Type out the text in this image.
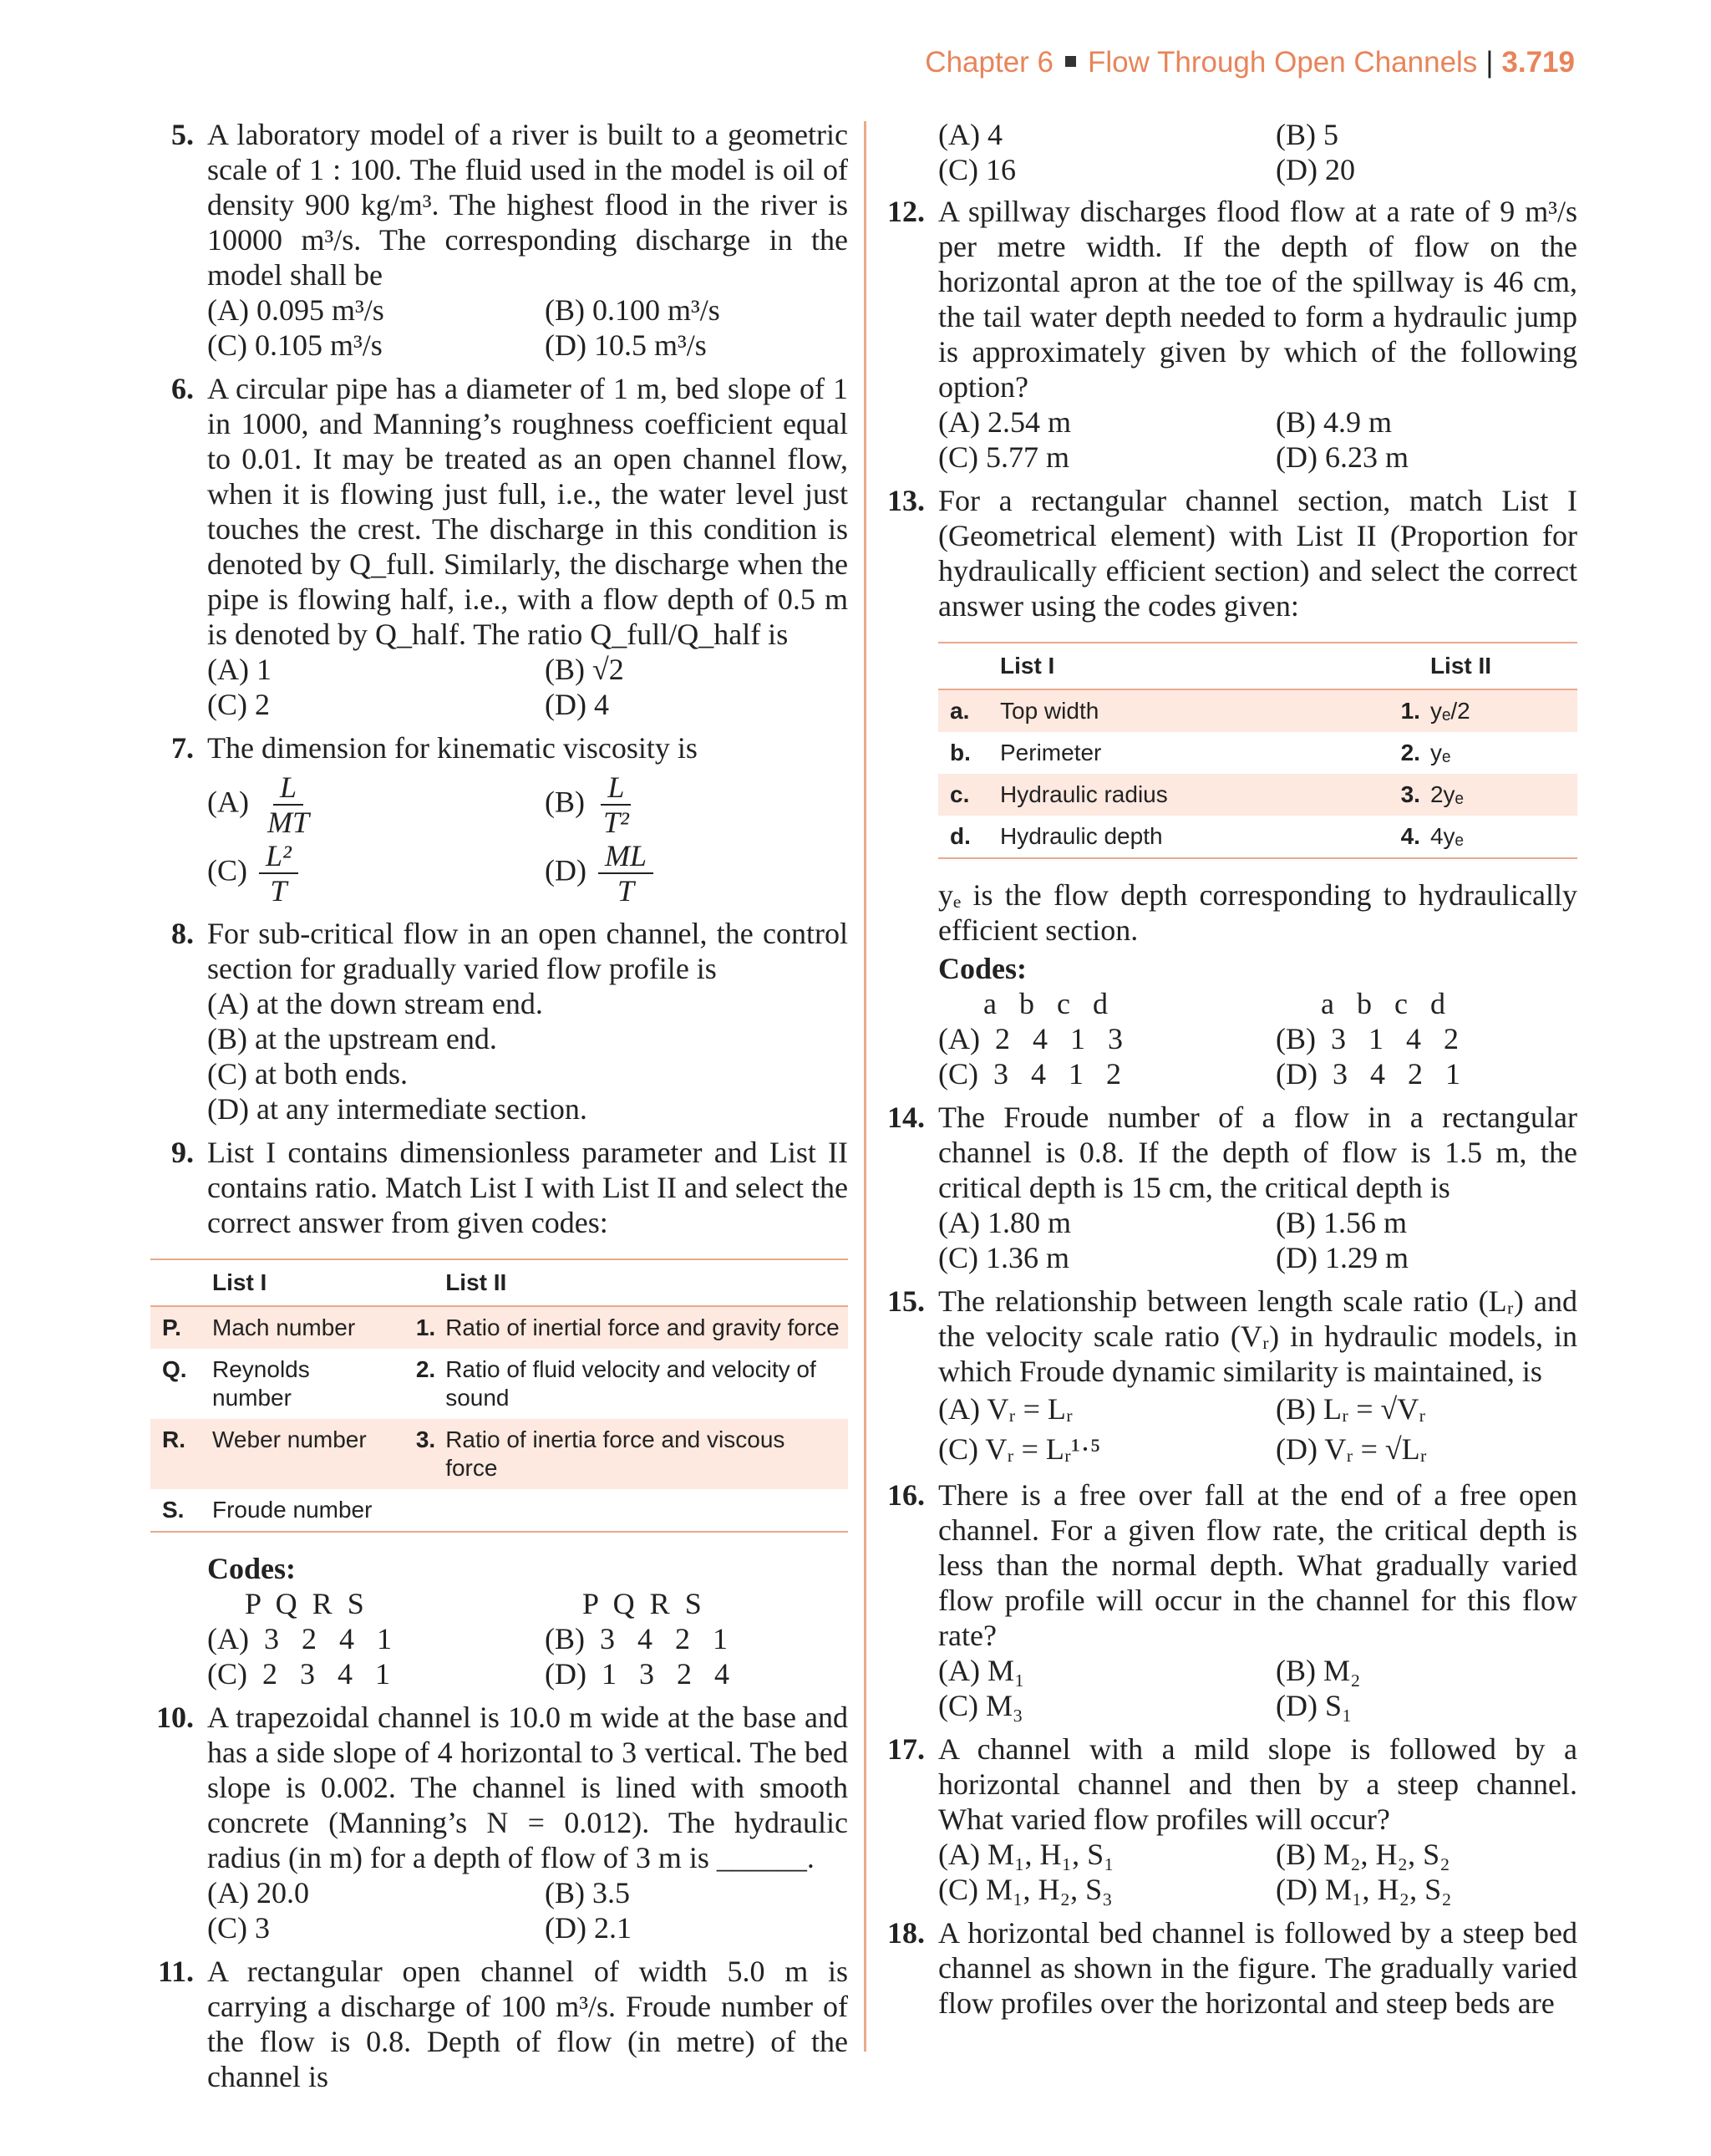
Chapter 6 Flow Through Open Channels | 3.719
5. A laboratory model of a river is built to a geometric scale of 1 : 100. The fluid used in the model is oil of density 900 kg/m³. The highest flood in the river is 10000 m³/s. The corresponding discharge in the model shall be
(A) 0.095 m³/s	(B) 0.100 m³/s
(C) 0.105 m³/s	(D) 10.5 m³/s
6. A circular pipe has a diameter of 1 m, bed slope of 1 in 1000, and Manning’s roughness coefficient equal to 0.01. It may be treated as an open channel flow, when it is flowing just full, i.e., the water level just touches the crest. The discharge in this condition is denoted by Q_full. Similarly, the discharge when the pipe is flowing half, i.e., with a flow depth of 0.5 m is denoted by Q_half. The ratio Q_full/Q_half is
(A) 1	(B) √2
(C) 2	(D) 4
7. The dimension for kinematic viscosity is
$(A) \frac{L}{MT}$	$(B) \frac{L}{\text{T²}}$
$(C) \frac{\text{L²}}{T}$	$(D) \frac{ML}{T}$
8. For sub-critical flow in an open channel, the control section for gradually varied flow profile is
(A) at the down stream end.
(B) at the upstream end.
(C) at both ends.
(D) at any intermediate section.
9. List I contains dimensionless parameter and List II contains ratio. Match List I with List II and select the correct answer from given codes:
	List I		List II
P.	Mach number	1.	Ratio of inertial force and gravity force
Q.	Reynolds number	2.	Ratio of fluid velocity and velocity of sound
R.	Weber number	3.	Ratio of inertia force and viscous force
S.	Froude number		
Codes:
P  Q  R  S	P  Q  R  S
(A)  3   2   4   1	(B)  3   4   2   1
(C)  2   3   4   1	(D)  1   3   2   4
10. A trapezoidal channel is 10.0 m wide at the base and has a side slope of 4 horizontal to 3 vertical. The bed slope is 0.002. The channel is lined with smooth concrete (Manning’s N = 0.012). The hydraulic radius (in m) for a depth of flow of 3 m is ______.
(A) 20.0	(B) 3.5
(C) 3	(D) 2.1
11. A rectangular open channel of width 5.0 m is carrying a discharge of 100 m³/s. Froude number of the flow is 0.8. Depth of flow (in metre) of the channel is
(A) 4	(B) 5
(C) 16	(D) 20
12. A spillway discharges flood flow at a rate of 9 m³/s per metre width. If the depth of flow on the horizontal apron at the toe of the spillway is 46 cm, the tail water depth needed to form a hydraulic jump is approximately given by which of the following option?
(A) 2.54 m	(B) 4.9 m
(C) 5.77 m	(D) 6.23 m
13. For a rectangular channel section, match List I (Geometrical element) with List II (Proportion for hydraulically efficient section) and select the correct answer using the codes given:
	List I		List II
a.	Top width	1.	yₑ/2
b.	Perimeter	2.	yₑ
c.	Hydraulic radius	3.	2yₑ
d.	Hydraulic depth	4.	4yₑ
yₑ is the flow depth corresponding to hydraulically efficient section.
Codes:
a   b   c   d	a   b   c   d
(A)  2   4   1   3	(B)  3   1   4   2
(C)  3   4   1   2	(D)  3   4   2   1
14. The Froude number of a flow in a rectangular channel is 0.8. If the depth of flow is 1.5 m, the critical depth is 15 cm, the critical depth is
(A) 1.80 m	(B) 1.56 m
(C) 1.36 m	(D) 1.29 m
15. The relationship between length scale ratio (Lᵣ) and the velocity scale ratio (Vᵣ) in hydraulic models, in which Froude dynamic similarity is maintained, is
(A) Vᵣ = Lᵣ	(B) Lᵣ = √Vᵣ
(C) Vᵣ = Lᵣ¹·⁵	(D) Vᵣ = √Lᵣ
16. There is a free over fall at the end of a free open channel. For a given flow rate, the critical depth is less than the normal depth. What gradually varied flow profile will occur in the channel for this flow rate?
(A) M₁	(B) M₂
(C) M₃	(D) S₁
17. A channel with a mild slope is followed by a horizontal channel and then by a steep channel. What varied flow profiles will occur?
(A) M₁, H₁, S₁	(B) M₂, H₂, S₂
(C) M₁, H₂, S₃	(D) M₁, H₂, S₂
18. A horizontal bed channel is followed by a steep bed channel as shown in the figure. The gradually varied flow profiles over the horizontal and steep beds are
